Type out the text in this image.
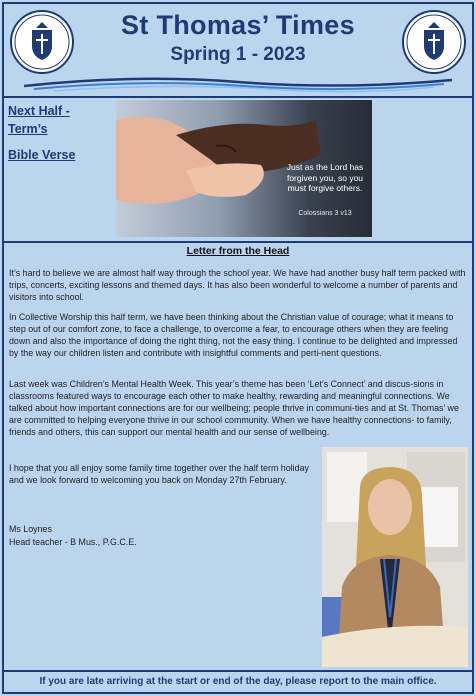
St Thomas’ Times
Spring 1 - 2023
Next Half -
Term’s
Bible Verse
Just as the Lord has forgiven you, so you must forgive others.
Colossians 3 v13
Letter from the Head

It’s hard to believe we are almost half way through the school year. We have had another busy half term packed with trips, concerts, exciting lessons and themed days. It has also been wonderful to welcome a number of parents and visitors into school.

In Collective Worship this half term, we have been thinking about the Christian value of courage; what it means to step out of our comfort zone, to face a challenge, to overcome a fear, to encourage others when they are feeling down and also the importance of doing the right thing, not the easy thing. I continue to be delighted and impressed by the way our children listen and contribute with insightful comments and perti-nent questions.

Last week was Children’s Mental Health Week. This year’s theme has been ‘Let’s Connect’ and discus-sions in classrooms featured ways to encourage each other to make healthy, rewarding and meaningful connections. We talked about how important connections are for our wellbeing; people thrive in communi-ties and at St. Thomas’ we are committed to helping everyone thrive in our school community. When we have healthy connections- to family, friends and others, this can support our mental health and our sense of wellbeing.

I hope that you all enjoy some family time together over the half term holiday and we look forward to welcoming you back on Monday 27th February.

Ms Loynes
Head teacher - B Mus., P.G.C.E.
If you are late arriving at the start or end of the day, please report to the main office.
